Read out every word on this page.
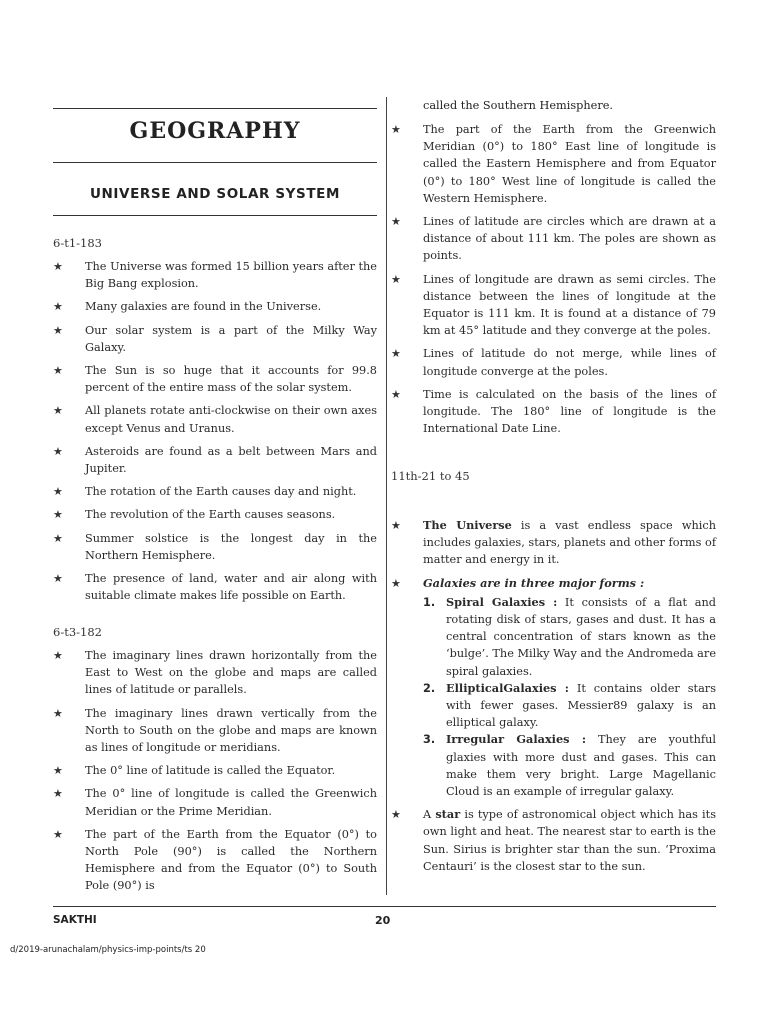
GEOGRAPHY
UNIVERSE AND SOLAR SYSTEM
6-t1-183
★ The Universe was formed 15 billion years after the Big Bang explosion.
★ Many galaxies are found in the Universe.
★ Our solar system is a part of the Milky Way Galaxy.
★ The Sun is so huge that it accounts for 99.8 percent of the entire mass of the solar system.
★ All planets rotate anti-clockwise on their own axes except Venus and Uranus.
★ Asteroids are found as a belt between Mars and Jupiter.
★ The rotation of the Earth causes day and night.
★ The revolution of the Earth causes seasons.
★ Summer solstice is the longest day in the Northern Hemisphere.
★ The presence of land, water and air along with suitable climate makes life possible on Earth.
6-t3-182
★ The imaginary lines drawn horizontally from the East to West on the globe and maps are called lines of latitude or parallels.
★ The imaginary lines drawn vertically from the North to South on the globe and maps are known as lines of longitude or meridians.
★ The 0° line of latitude is called the Equator.
★ The 0° line of longitude is called the Greenwich Meridian or the Prime Meridian.
★ The part of the Earth from the Equator (0°) to North Pole (90°) is called the Northern Hemisphere and from the Equator (0°) to South Pole (90°) is
called the Southern Hemisphere.
★ The part of the Earth from the Greenwich Meridian (0°) to 180° East line of longitude is called the Eastern Hemisphere and from Equator (0°) to 180° West line of longitude is called the Western Hemisphere.
★ Lines of latitude are circles which are drawn at a distance of about 111 km. The poles are shown as points.
★ Lines of longitude are drawn as semi circles. The distance between the lines of longitude at the Equator is 111 km. It is found at a distance of 79 km at 45° latitude and they converge at the poles.
★ Lines of latitude do not merge, while lines of longitude converge at the poles.
★ Time is calculated on the basis of the lines of longitude. The 180° line of longitude is the International Date Line.
11th-21 to 45
★ The Universe is a vast endless space which includes galaxies, stars, planets and other forms of matter and energy in it.
★ Galaxies are in three major forms :
1. Spiral Galaxies : It consists of a flat and rotating disk of stars, gases and dust. It has a central concentration of stars known as the ‘bulge’. The Milky Way and the Andromeda are spiral galaxies.
2. EllipticalGalaxies : It contains older stars with fewer gases. Messier89 galaxy is an elliptical galaxy.
3. Irregular Galaxies : They are youthful glaxies with more dust and gases. This can make them very bright. Large Magellanic Cloud is an example of irregular galaxy.
★ A star is type of astronomical object which has its own light and heat. The nearest star to earth is the Sun. Sirius is brighter star than the sun. ‘Proxima Centauri’ is the closest star to the sun.
SAKTHI	20
d/2019-arunachalam/physics-imp-points/ts 20
